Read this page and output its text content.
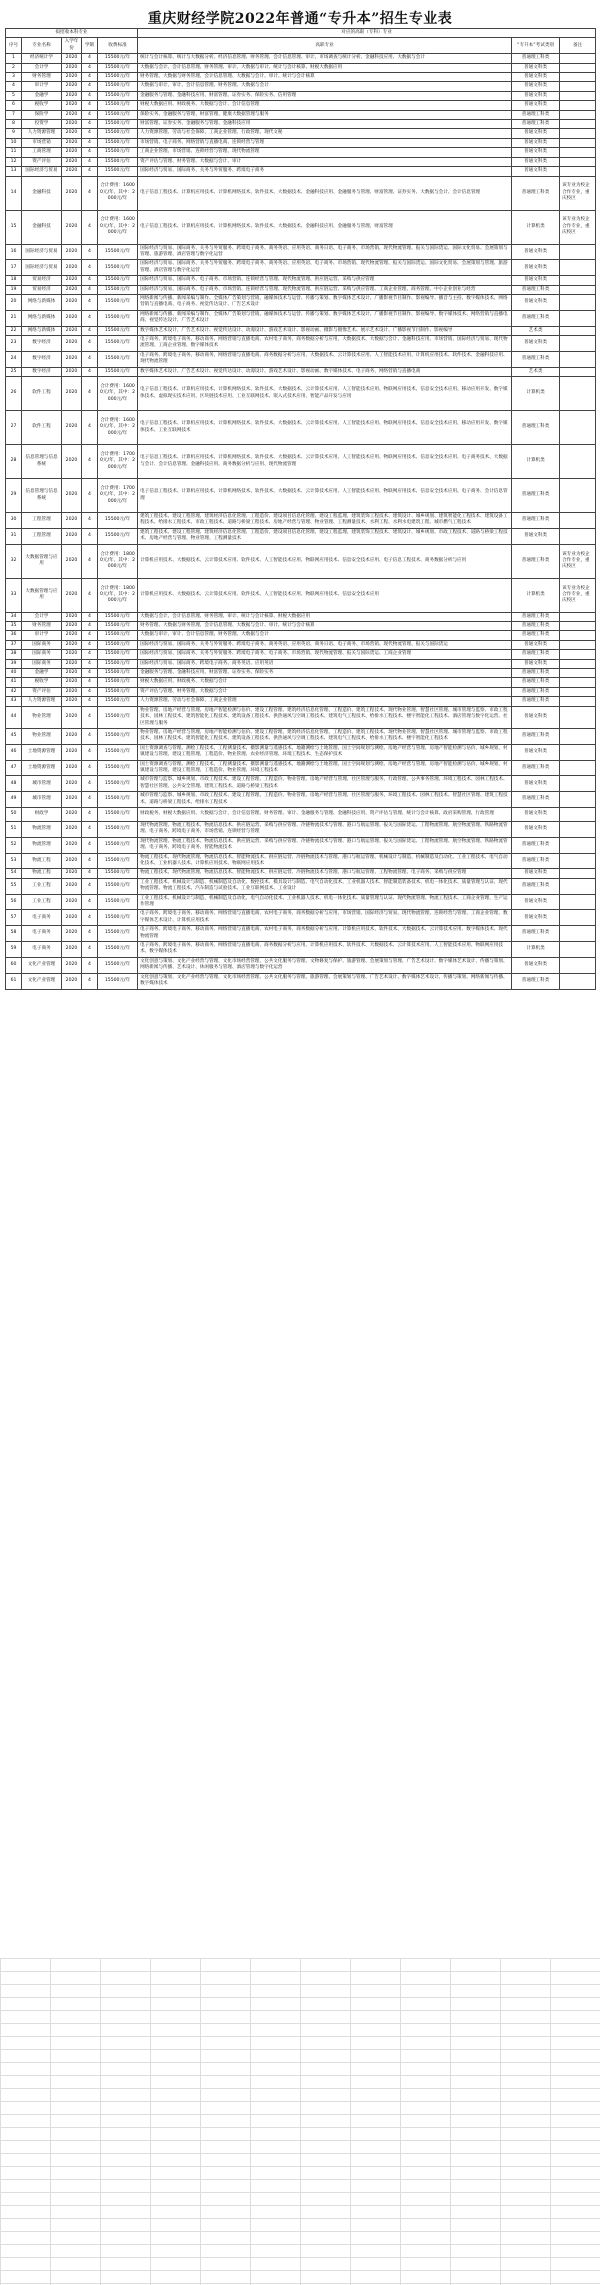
重庆财经学院2022年普通“专升本”招生专业表
拟招收本科专业					对应的高职（专科）专业		
序号	专业名称	入学年份	学制	收费标准	高职专业	“专升本”考试类别	备注
1	经济统计学	2020	4	15500元/年	统计与会计核算、统计与大数据分析、经济信息管理、财务管理、会计信息管理、审计、市场调查与统计分析、金融科技应用、大数据与会计	普通理工科类	
2	会计学	2020	4	15500元/年	大数据与会计、会计信息管理、财务管理、审计、大数据与审计、统计与会计核算、财税大数据应用	普通文科类	
3	财务管理	2020	4	15500元/年	财务管理、大数据与财务管理、会计信息管理、大数据与会计、审计、统计与会计核算	普通文科类	
4	审计学	2020	4	15500元/年	大数据与审计、审计、会计信息管理、财务管理、大数据与会计	普通文科类	
5	金融学	2020	4	15500元/年	金融服务与管理、金融科技应用、财富管理、证券实务、保险实务、信用管理	普通文科类	
6	税收学	2020	4	15500元/年	财税大数据应用、财政税务、大数据与会计、会计信息管理	普通文科类	
7	保险学	2020	4	15500元/年	保险实务、金融服务与管理、财富管理、健康大数据管理与服务	普通理工科类	
8	投资学	2020	4	15500元/年	财富管理、证券实务、金融服务与管理、金融科技应用	普通理工科类	
9	人力资源管理	2020	4	15500元/年	人力资源管理、劳动与社会保障、工商企业管理、行政管理、现代文秘	普通文科类	
10	市场营销	2020	4	15500元/年	市场营销、电子商务、网络营销与直播电商、连锁经营与管理	普通文科类	
11	工商管理	2020	4	15500元/年	工商企业管理、市场营销、连锁经营与管理、现代物流管理	普通文科类	
12	资产评估	2020	4	15500元/年	资产评估与管理、财务管理、大数据与会计、审计	普通文科类	
13	国际经济与贸易	2020	4	15500元/年	国际经济与贸易、国际商务、关务与外贸服务、跨境电子商务	普通文科类	
14	金融科技	2020	4	合计费用：16000元/年，其中：2000元/年	电子信息工程技术、计算机应用技术、计算机网络技术、软件技术、大数据技术、金融科技应用、金融服务与管理、财富管理、证券实务、大数据与会计、会计信息管理	普通理工科类	该专业为校企合作专业，重庆校区
15	金融科技	2020	4	合计费用：16000元/年，其中：2000元/年	电子信息工程技术、计算机应用技术、计算机网络技术、软件技术、大数据技术、金融科技应用、金融服务与管理、财富管理	计算机类	该专业为校企合作专业，重庆校区
16	国际经济与贸易	2020	4	15500元/年	国际经济与贸易、国际商务、关务与外贸服务、跨境电子商务、商务英语、应用英语、商务日语、电子商务、市场营销、现代物流管理、报关与国际货运、国际文化贸易、会展策划与管理、旅游管理、酒店管理与数字化运营	普通文科类	
17	国际经济与贸易	2020	4	15500元/年	国际经济与贸易、国际商务、关务与外贸服务、跨境电子商务、商务英语、应用英语、电子商务、市场营销、现代物流管理、报关与国际货运、国际文化贸易、会展策划与管理、旅游管理、酒店管理与数字化运营	普通文科类	
18	贸易经济	2020	4	15500元/年	国际经济与贸易、国际商务、电子商务、市场营销、连锁经营与管理、现代物流管理、供应链运营、采购与供应管理	普通文科类	
19	贸易经济	2020	4	15500元/年	国际经济与贸易、国际商务、电子商务、市场营销、连锁经营与管理、现代物流管理、供应链运营、采购与供应管理、工商企业管理、商务管理、中小企业创业与经营	普通理工科类	
20	网络与新媒体	2020	4	15500元/年	网络新闻与传播、新闻采编与制作、全媒体广告策划与营销、融媒体技术与运营、传播与策划、数字媒体艺术设计、广播影视节目制作、影视编导、播音与主持、数字媒体技术、网络营销与直播电商、电子商务、视觉传达设计、广告艺术设计	普通文科类	
21	网络与新媒体	2020	4	15500元/年	网络新闻与传播、新闻采编与制作、全媒体广告策划与营销、融媒体技术与运营、传播与策划、数字媒体艺术设计、广播影视节目制作、影视编导、数字媒体技术、网络营销与直播电商、视觉传达设计、广告艺术设计	普通理工科类	
22	网络与新媒体	2020	4	15500元/年	数字媒体艺术设计、广告艺术设计、视觉传达设计、动漫设计、游戏艺术设计、影视动画、摄影与摄像艺术、展示艺术设计、广播影视节目制作、影视编导	艺术类	
23	数字经济	2020	4	15500元/年	电子商务、跨境电子商务、移动商务、网络营销与直播电商、农村电子商务、商务数据分析与应用、大数据技术、大数据与会计、金融科技应用、市场营销、国际经济与贸易、现代物流管理、工商企业管理、数字媒体技术	普通文科类	
24	数字经济	2020	4	15500元/年	电子商务、跨境电子商务、移动商务、网络营销与直播电商、商务数据分析与应用、大数据技术、云计算技术应用、人工智能技术应用、计算机应用技术、软件技术、金融科技应用、现代物流管理	普通理工科类	
25	数字经济	2020	4	15500元/年	数字媒体艺术设计、广告艺术设计、视觉传达设计、动漫设计、游戏艺术设计、影视动画、数字媒体技术、电子商务、网络营销与直播电商	艺术类	
26	软件工程	2020	4	合计费用：16000元/年，其中：2000元/年	电子信息工程技术、计算机应用技术、计算机网络技术、软件技术、大数据技术、云计算技术应用、人工智能技术应用、物联网应用技术、信息安全技术应用、移动应用开发、数字媒体技术、虚拟现实技术应用、区块链技术应用、工业互联网技术、嵌入式技术应用、智能产品开发与应用	计算机类	
27	软件工程	2020	4	合计费用：16000元/年，其中：2000元/年	电子信息工程技术、计算机应用技术、计算机网络技术、软件技术、大数据技术、云计算技术应用、人工智能技术应用、物联网应用技术、信息安全技术应用、移动应用开发、数字媒体技术、工业互联网技术	普通理工科类	
28	信息管理与信息系统	2020	4	合计费用：17000元/年，其中：2000元/年	电子信息工程技术、计算机应用技术、计算机网络技术、软件技术、大数据技术、云计算技术应用、人工智能技术应用、物联网应用技术、信息安全技术应用、电子商务技术、大数据与会计、会计信息管理、金融科技应用、商务数据分析与应用、现代物流管理	计算机类	
29	信息管理与信息系统	2020	4	合计费用：17000元/年，其中：2000元/年	电子信息工程技术、计算机应用技术、计算机网络技术、软件技术、大数据技术、云计算技术应用、人工智能技术应用、物联网应用技术、信息安全技术应用、电子商务、会计信息管理	普通理工科类	
30	工程管理	2020	4	15500元/年	建筑工程技术、建设工程管理、建筑经济信息化管理、工程造价、建设项目信息化管理、建设工程监理、建筑装饰工程技术、建筑设计、城乡规划、建筑智能化工程技术、建筑设备工程技术、给排水工程技术、市政工程技术、道路与桥梁工程技术、房地产经营与管理、物业管理、工程测量技术、水利工程、水利水电建筑工程、城市燃气工程技术	普通理工科类	
31	工程管理	2020	4	15500元/年	建筑工程技术、建设工程管理、建筑经济信息化管理、工程造价、建设项目信息化管理、建设工程监理、建筑装饰工程技术、建筑设计、城乡规划、市政工程技术、道路与桥梁工程技术、房地产经营与管理、物业管理、工程测量技术	普通文科类	
32	大数据管理与应用	2020	4	合计费用：18000元/年，其中：2000元/年	计算机应用技术、大数据技术、云计算技术应用、软件技术、人工智能技术应用、物联网应用技术、信息安全技术应用、电子信息工程技术、商务数据分析与应用	普通理工科类	该专业为校企合作专业，重庆校区
33	大数据管理与应用	2020	4	合计费用：18000元/年，其中：2000元/年	计算机应用技术、大数据技术、云计算技术应用、软件技术、人工智能技术应用、物联网应用技术、信息安全技术应用	计算机类	该专业为校企合作专业，重庆校区
34	会计学	2020	4	15500元/年	大数据与会计、会计信息管理、财务管理、审计、统计与会计核算、财税大数据应用	普通理工科类	
35	财务管理	2020	4	15500元/年	财务管理、大数据与财务管理、会计信息管理、大数据与会计、审计、统计与会计核算	普通理工科类	
36	审计学	2020	4	15500元/年	大数据与审计、审计、会计信息管理、财务管理、大数据与会计	普通理工科类	
37	国际商务	2020	4	15500元/年	国际经济与贸易、国际商务、关务与外贸服务、跨境电子商务、商务英语、应用英语、商务日语、电子商务、市场营销、现代物流管理、报关与国际货运	普通文科类	
38	国际商务	2020	4	15500元/年	国际经济与贸易、国际商务、关务与外贸服务、跨境电子商务、电子商务、市场营销、现代物流管理、报关与国际货运、工商企业管理	普通理工科类	
39	国际商务	2020	4	15500元/年	国际经济与贸易、国际商务、跨境电子商务、商务英语、应用英语	普通文科类	
40	金融学	2020	4	15500元/年	金融服务与管理、金融科技应用、财富管理、证券实务、保险实务	普通理工科类	
41	税收学	2020	4	15500元/年	财税大数据应用、财政税务、大数据与会计	普通理工科类	
42	资产评估	2020	4	15500元/年	资产评估与管理、财务管理、大数据与会计	普通理工科类	
43	人力资源管理	2020	4	15500元/年	人力资源管理、劳动与社会保障、工商企业管理	普通理工科类	
44	物业管理	2020	4	15500元/年	物业管理、房地产经营与管理、房地产智能检测与估价、建设工程管理、建筑经济信息化管理、工程造价、建筑工程技术、现代物业管理、智慧社区管理、城市管理与监察、市政工程技术、园林工程技术、建筑智能化工程技术、建筑设备工程技术、供热通风与空调工程技术、建筑电气工程技术、给排水工程技术、楼宇智能化工程技术、酒店管理与数字化运营、社区管理与服务	普通文科类	
45	物业管理	2020	4	15500元/年	物业管理、房地产经营与管理、房地产智能检测与估价、建设工程管理、建筑经济信息化管理、工程造价、建筑工程技术、现代物业管理、智慧社区管理、城市管理与监察、市政工程技术、园林工程技术、建筑智能化工程技术、建筑设备工程技术、供热通风与空调工程技术、建筑电气工程技术、给排水工程技术、楼宇智能化工程技术	普通理工科类	
46	土地资源管理	2020	4	15500元/年	国土资源调查与管理、测绘工程技术、工程测量技术、摄影测量与遥感技术、地籍测绘与土地管理、国土空间规划与测绘、房地产经营与管理、房地产智能检测与估价、城乡规划、村镇建设与管理、建设工程管理、工程造价、物业管理、农业经济管理、环境工程技术、生态保护技术	普通文科类	
47	土地资源管理	2020	4	15500元/年	国土资源调查与管理、测绘工程技术、工程测量技术、摄影测量与遥感技术、地籍测绘与土地管理、国土空间规划与测绘、房地产经营与管理、房地产智能检测与估价、城乡规划、村镇建设与管理、建设工程管理、工程造价、物业管理、环境工程技术	普通理工科类	
48	城市管理	2020	4	15500元/年	城市管理与监察、城乡规划、市政工程技术、建设工程管理、工程造价、物业管理、房地产经营与管理、社区管理与服务、行政管理、公共事务管理、环境工程技术、园林工程技术、智慧社区管理、公共安全管理、建筑工程技术、道路与桥梁工程技术	普通文科类	
49	城市管理	2020	4	15500元/年	城市管理与监察、城乡规划、市政工程技术、建设工程管理、工程造价、物业管理、房地产经营与管理、社区管理与服务、环境工程技术、园林工程技术、智慧社区管理、建筑工程技术、道路与桥梁工程技术、给排水工程技术	普通理工科类	
50	财政学	2020	4	15500元/年	财政税务、财税大数据应用、大数据与会计、会计信息管理、财务管理、审计、金融服务与管理、金融科技应用、资产评估与管理、统计与会计核算、政府采购管理、行政管理	普通文科类	
51	物流管理	2020	4	15500元/年	现代物流管理、物流工程技术、物流信息技术、供应链运营、采购与供应管理、冷链物流技术与管理、港口与航运管理、报关与国际货运、工程物流管理、航空物流管理、铁路物流管理、电子商务、跨境电子商务、市场营销、连锁经营与管理	普通文科类	
52	物流管理	2020	4	15500元/年	现代物流管理、物流工程技术、物流信息技术、供应链运营、采购与供应管理、冷链物流技术与管理、港口与航运管理、报关与国际货运、工程物流管理、航空物流管理、铁路物流管理、电子商务、跨境电子商务、智能物流技术	普通理工科类	
53	物流工程	2020	4	15500元/年	物流工程技术、现代物流管理、物流信息技术、智能物流技术、供应链运营、冷链物流技术与管理、港口与航运管理、机械设计与制造、机械制造及自动化、工业工程技术、电气自动化技术、工业机器人技术、计算机应用技术、物联网应用技术	普通理工科类	
54	物流工程	2020	4	15500元/年	物流工程技术、现代物流管理、物流信息技术、智能物流技术、供应链运营、冷链物流技术与管理、港口与航运管理、工程物流管理、电子商务、采购与供应管理	普通文科类	
55	工业工程	2020	4	15500元/年	工业工程技术、机械设计与制造、机械制造及自动化、数控技术、模具设计与制造、电气自动化技术、工业机器人技术、智能制造装备技术、机电一体化技术、质量管理与认证、现代物流管理、物流工程技术、汽车制造与试验技术、工业互联网技术、工业设计	普通理工科类	
56	工业工程	2020	4	15500元/年	工业工程技术、机械设计与制造、机械制造及自动化、电气自动化技术、工业机器人技术、机电一体化技术、质量管理与认证、现代物流管理、物流工程技术、工商企业管理、生产运作管理	普通文科类	
57	电子商务	2020	4	15500元/年	电子商务、跨境电子商务、移动商务、网络营销与直播电商、农村电子商务、商务数据分析与应用、市场营销、国际经济与贸易、现代物流管理、连锁经营与管理、工商企业管理、数字媒体艺术设计、计算机应用技术	普通文科类	
58	电子商务	2020	4	15500元/年	电子商务、跨境电子商务、移动商务、网络营销与直播电商、农村电子商务、商务数据分析与应用、计算机应用技术、软件技术、大数据技术、云计算技术应用、数字媒体技术、现代物流管理	普通理工科类	
59	电子商务	2020	4	15500元/年	电子商务、跨境电子商务、移动商务、网络营销与直播电商、商务数据分析与应用、计算机应用技术、软件技术、大数据技术、云计算技术应用、人工智能技术应用、物联网应用技术、数字媒体技术	计算机类	
60	文化产业管理	2020	4	15500元/年	文化创意与策划、文化产业经营与管理、文化市场经营管理、公共文化服务与管理、文物修复与保护、旅游管理、会展策划与管理、广告艺术设计、数字媒体艺术设计、传播与策划、网络新闻与传播、艺术设计、休闲服务与管理、酒店管理与数字化运营	普通文科类	
61	文化产业管理	2020	4	15500元/年	文化创意与策划、文化产业经营与管理、文化市场经营管理、公共文化服务与管理、旅游管理、会展策划与管理、广告艺术设计、数字媒体艺术设计、传播与策划、网络新闻与传播、数字媒体技术	普通理工科类	
